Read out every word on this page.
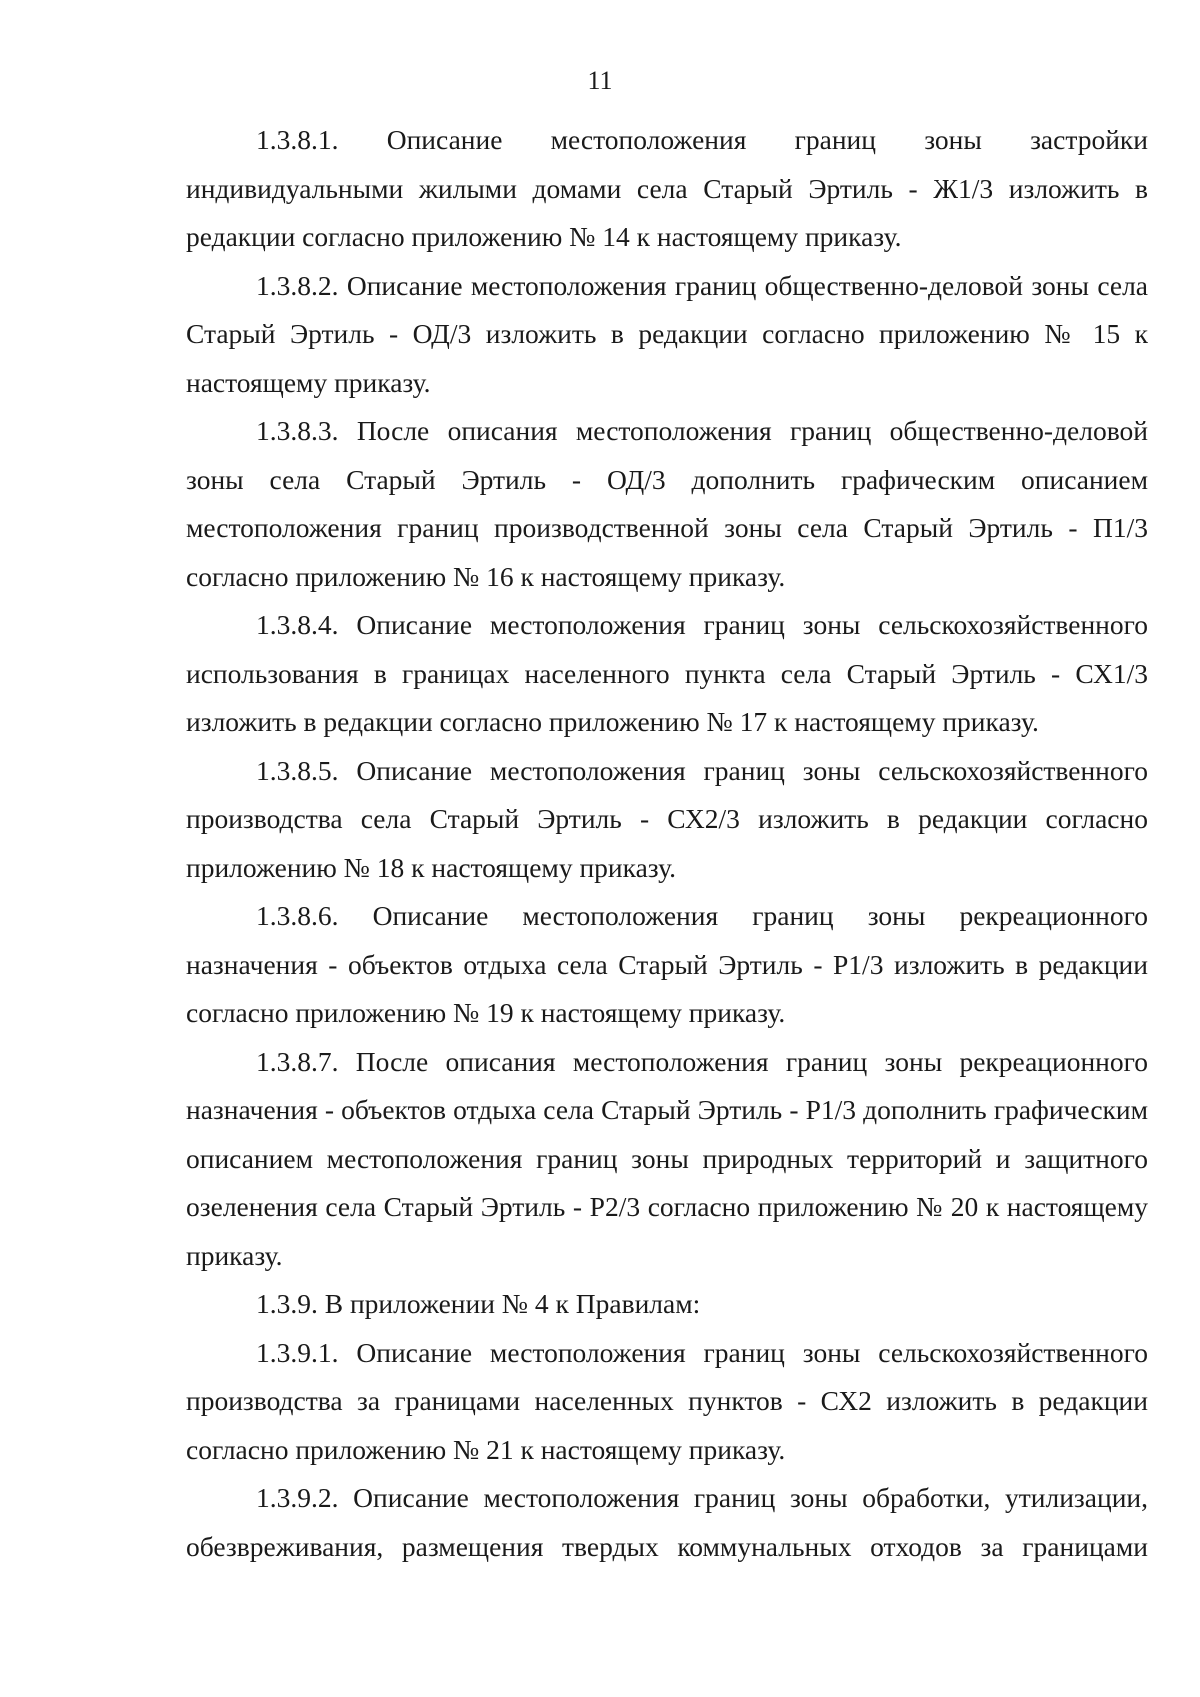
11

1.3.8.1. Описание местоположения границ зоны застройки индивидуальными жилыми домами села Старый Эртиль - Ж1/3 изложить в редакции согласно приложению № 14 к настоящему приказу.

1.3.8.2. Описание местоположения границ общественно-деловой зоны села Старый Эртиль - ОД/3 изложить в редакции согласно приложению № 15 к настоящему приказу.

1.3.8.3. После описания местоположения границ общественно-деловой зоны села Старый Эртиль - ОД/3 дополнить графическим описанием местоположения границ производственной зоны села Старый Эртиль - П1/3 согласно приложению № 16 к настоящему приказу.

1.3.8.4. Описание местоположения границ зоны сельскохозяйственного использования в границах населенного пункта села Старый Эртиль - СХ1/3 изложить в редакции согласно приложению № 17 к настоящему приказу.

1.3.8.5. Описание местоположения границ зоны сельскохозяйственного производства села Старый Эртиль - СХ2/3 изложить в редакции согласно приложению № 18 к настоящему приказу.

1.3.8.6. Описание местоположения границ зоны рекреационного назначения - объектов отдыха села Старый Эртиль - Р1/3 изложить в редакции согласно приложению № 19 к настоящему приказу.

1.3.8.7. После описания местоположения границ зоны рекреационного назначения - объектов отдыха села Старый Эртиль - Р1/3 дополнить графическим описанием местоположения границ зоны природных территорий и защитного озеленения села Старый Эртиль - Р2/3 согласно приложению № 20 к настоящему приказу.

1.3.9. В приложении № 4 к Правилам:

1.3.9.1. Описание местоположения границ зоны сельскохозяйственного производства за границами населенных пунктов - СХ2 изложить в редакции согласно приложению № 21 к настоящему приказу.

1.3.9.2. Описание местоположения границ зоны обработки, утилизации, обезвреживания, размещения твердых коммунальных отходов за границами
